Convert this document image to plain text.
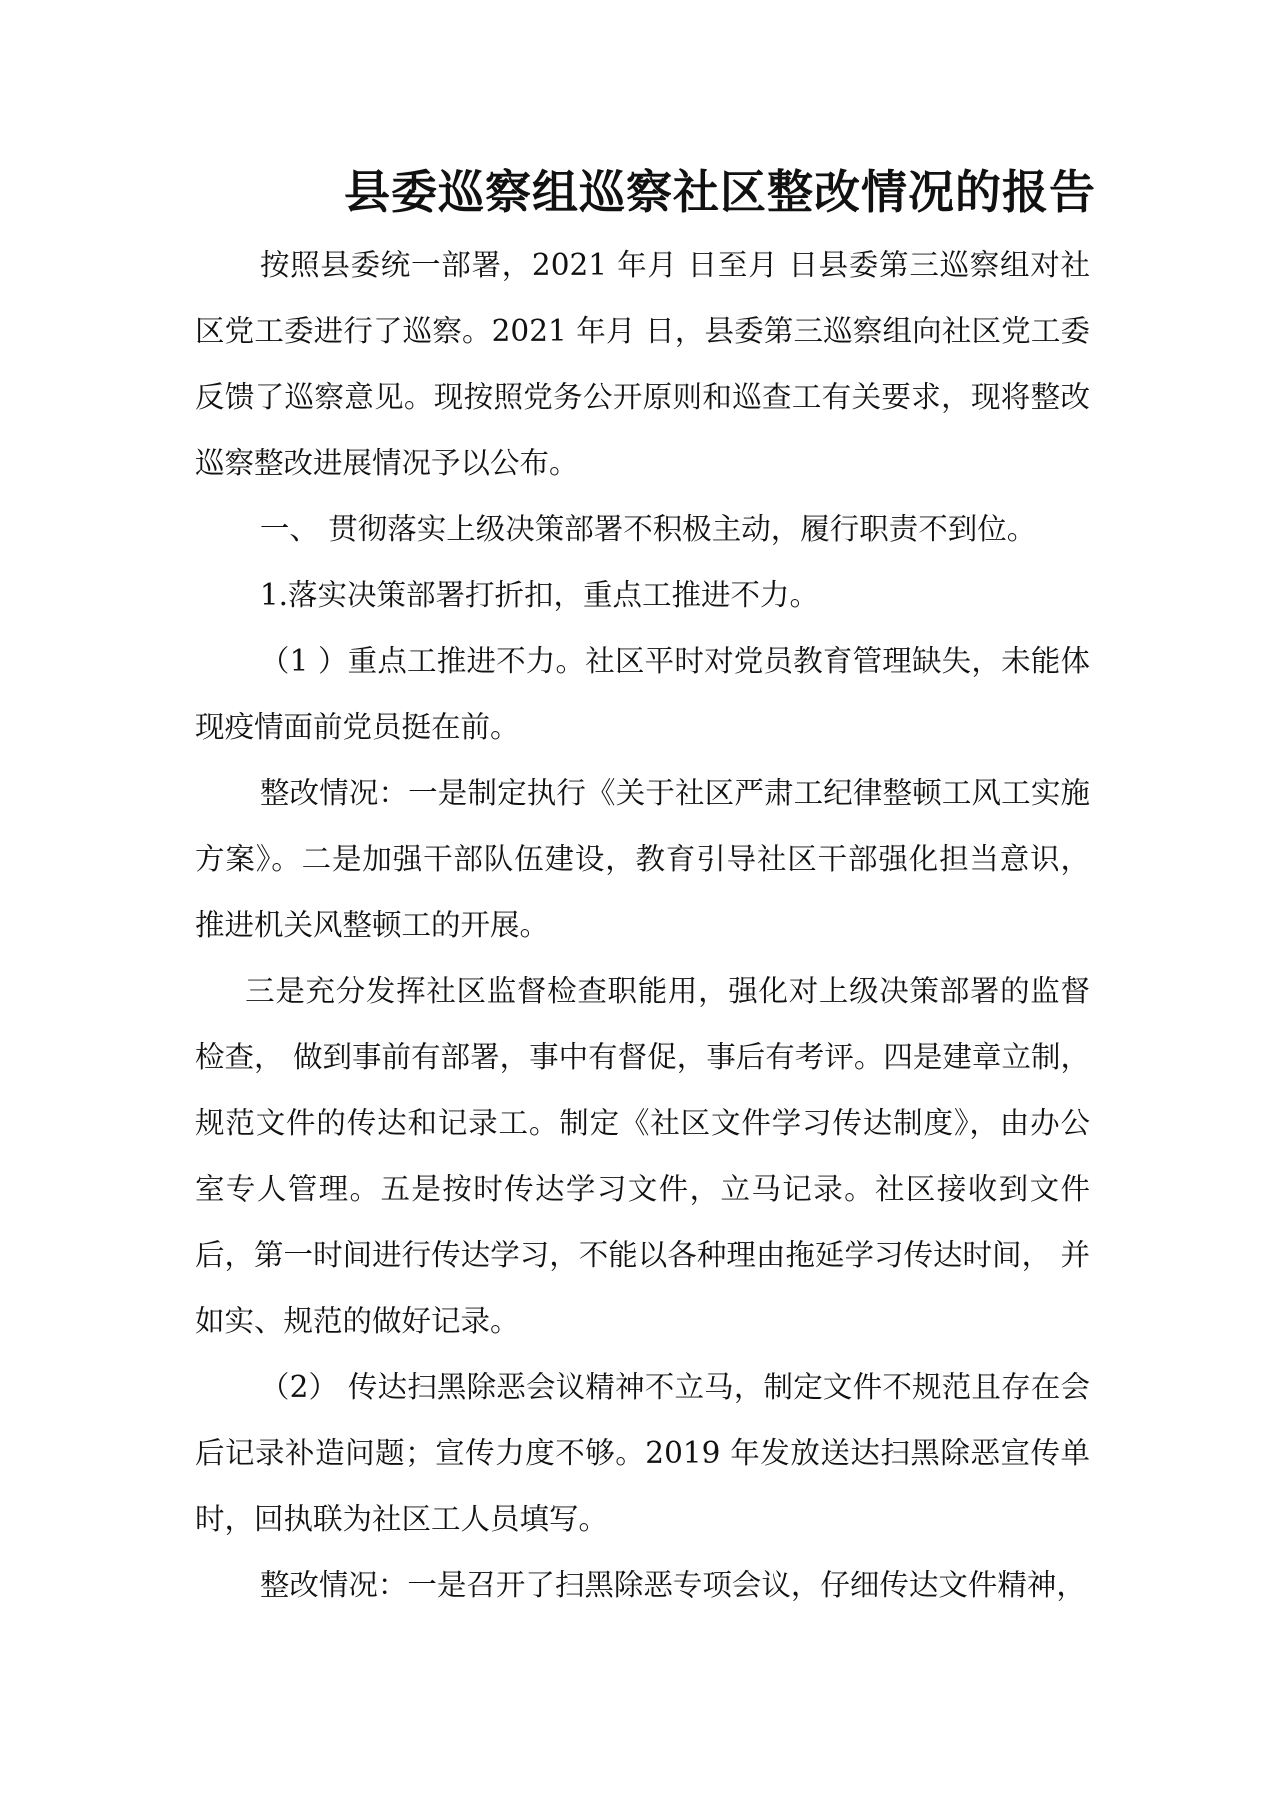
县委巡察组巡察社区整改情况的报告

按照县委统一部署，2021 年月 日至月 日县委第三巡察组对社区党工委进行了巡察。2021 年月 日，县委第三巡察组向社区党工委反馈了巡察意见。现按照党务公开原则和巡查工有关要求，现将整改巡察整改进展情况予以公布。

一、 贯彻落实上级决策部署不积极主动，履行职责不到位。

1.落实决策部署打折扣，重点工推进不力。

（1 ）重点工推进不力。社区平时对党员教育管理缺失，未能体现疫情面前党员挺在前。

整改情况：一是制定执行《关于社区严肃工纪律整顿工风工实施方案》。二是加强干部队伍建设，教育引导社区干部强化担当意识，推进机关风整顿工的开展。

三是充分发挥社区监督检查职能用，强化对上级决策部署的监督检查， 做到事前有部署，事中有督促，事后有考评。四是建章立制，规范文件的传达和记录工。制定《社区文件学习传达制度》，由办公室专人管理。五是按时传达学习文件，立马记录。社区接收到文件后，第一时间进行传达学习，不能以各种理由拖延学习传达时间， 并如实、规范的做好记录。

（2） 传达扫黑除恶会议精神不立马，制定文件不规范且存在会后记录补造问题；宣传力度不够。2019 年发放送达扫黑除恶宣传单时，回执联为社区工人员填写。

整改情况：一是召开了扫黑除恶专项会议，仔细传达文件精神，
